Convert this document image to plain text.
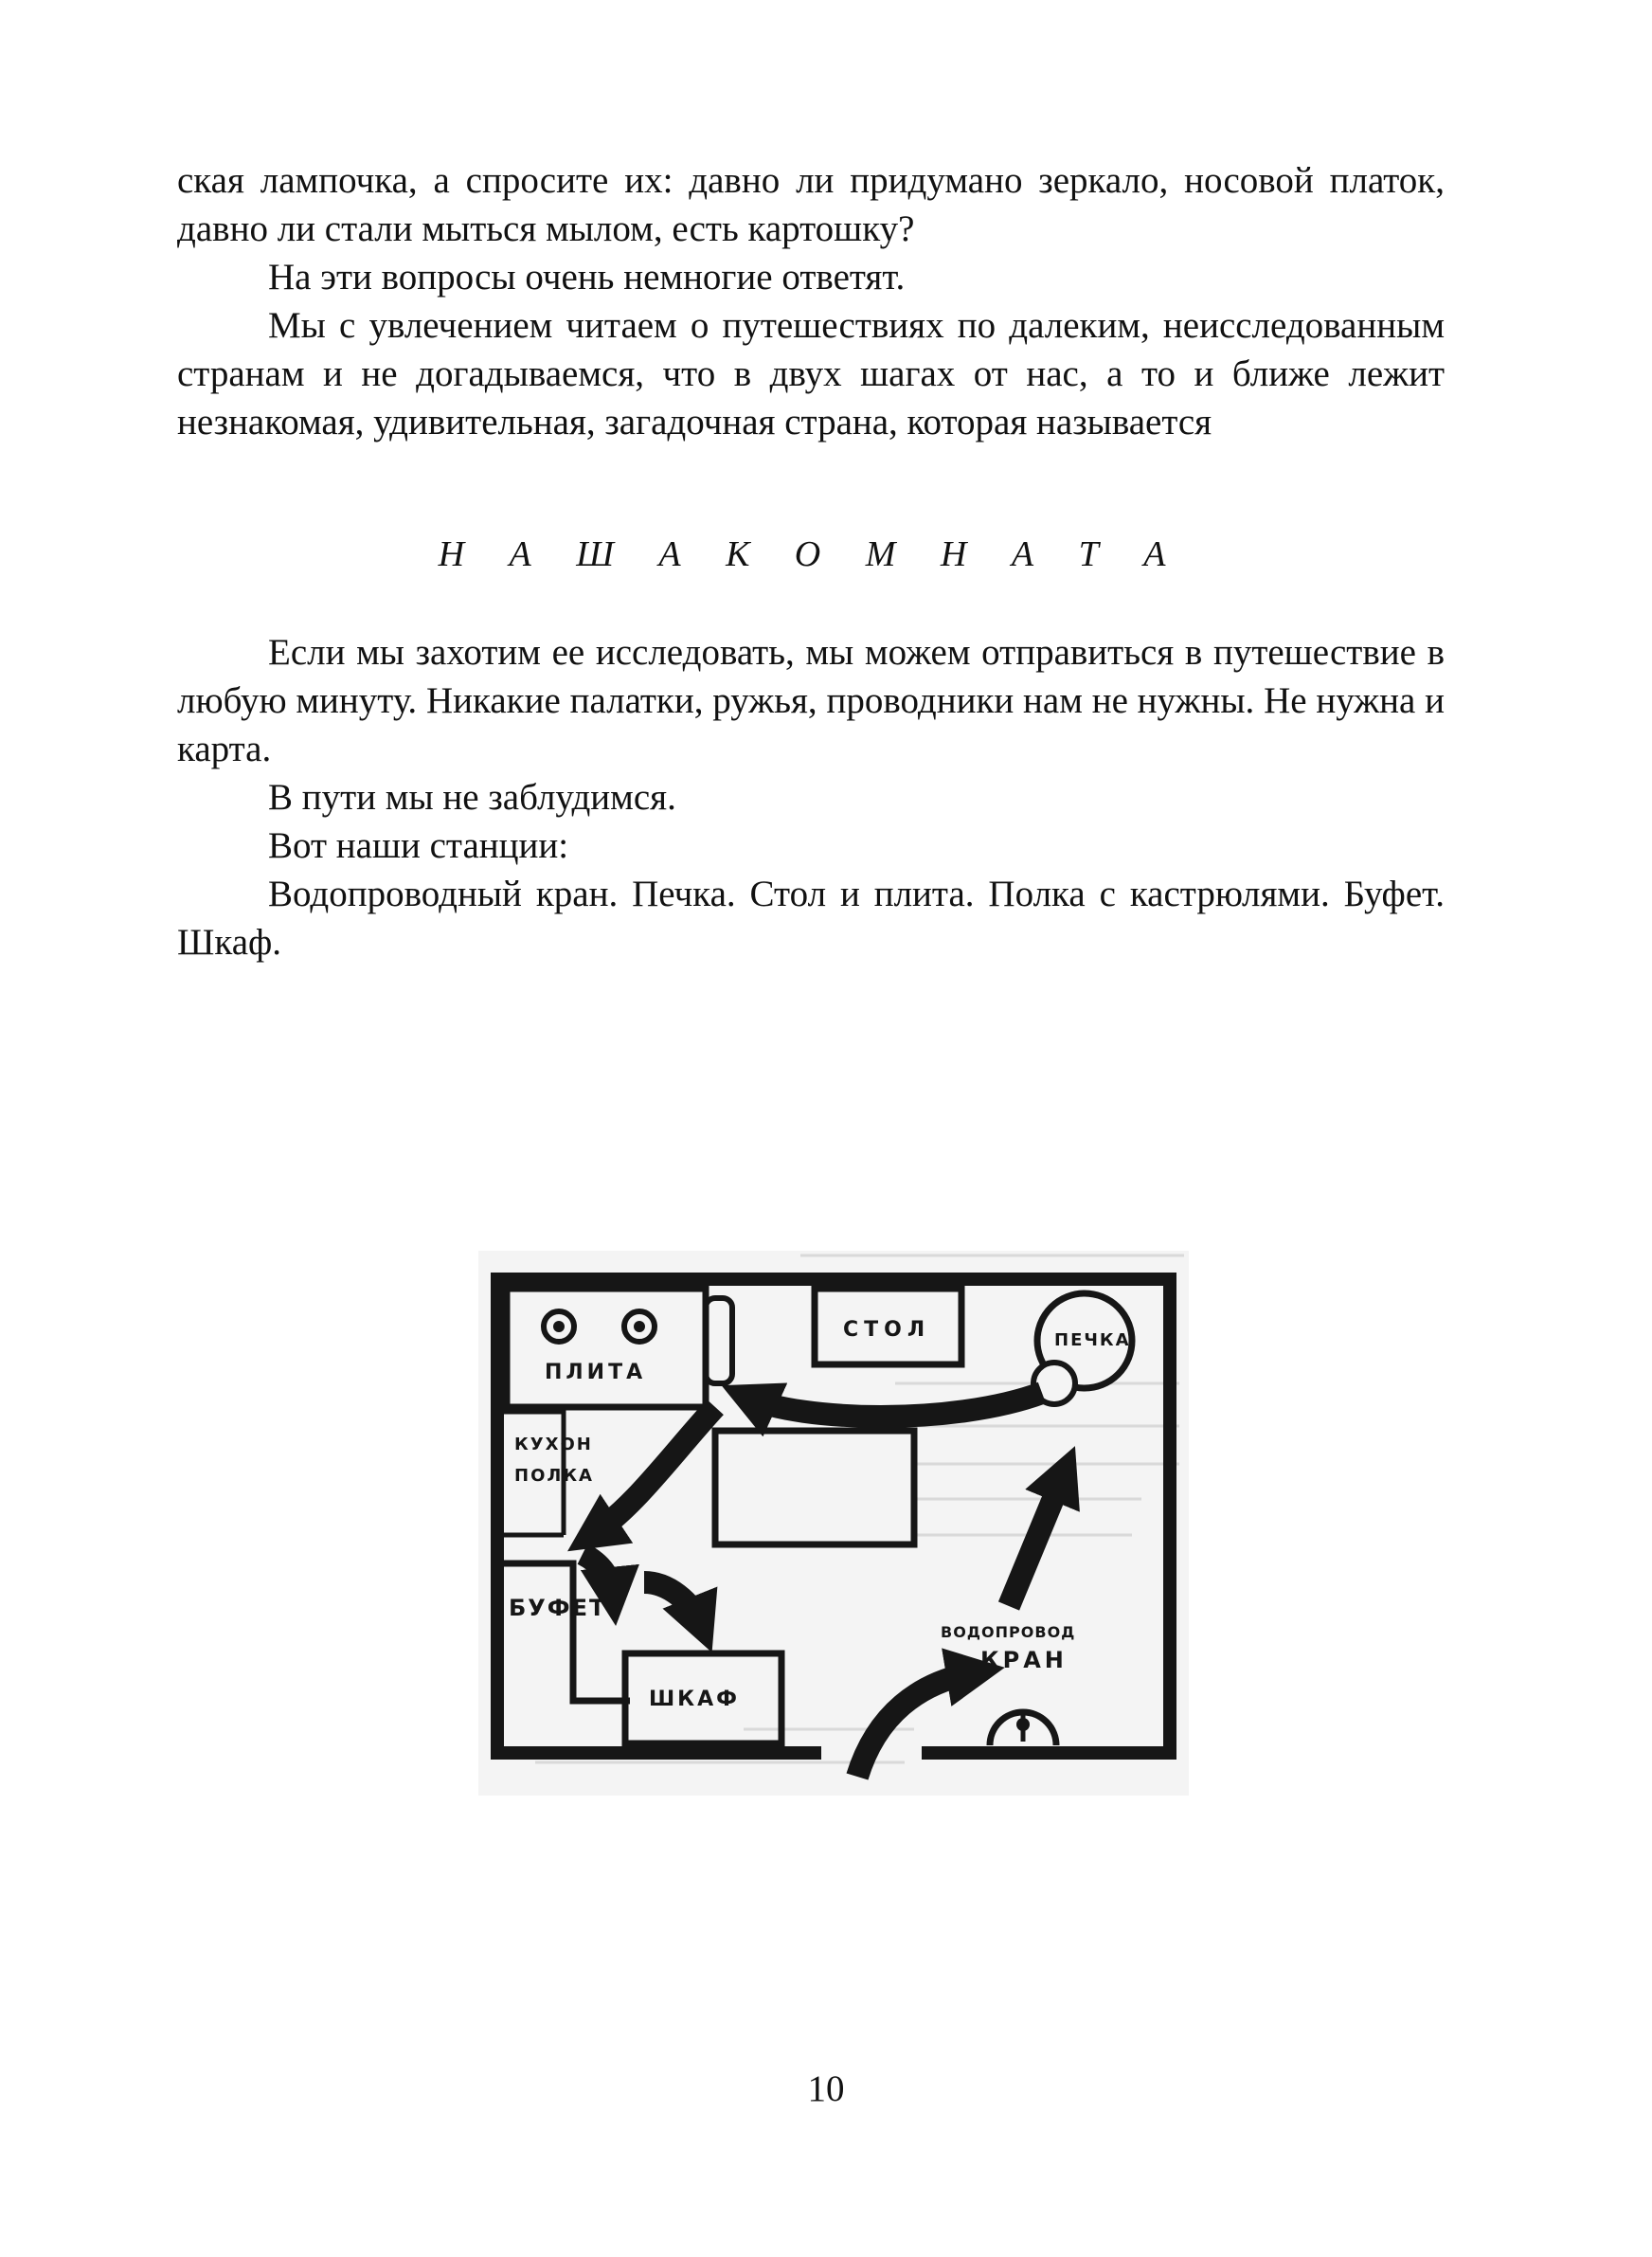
ская лампочка, а спросите их: давно ли придумано зеркало, носовой платок, давно ли стали мыться мылом, есть картошку?

На эти вопросы очень немногие ответят.

Мы с увлечением читаем о путешествиях по далеким, неисследованным странам и не догадываемся, что в двух шагах от нас, а то и ближе лежит незнакомая, удивительная, загадочная страна, которая называется

Н А Ш А К О М Н А Т А

Если мы захотим ее исследовать, мы можем отправиться в путешествие в любую минуту. Никакие палатки, ружья, проводники нам не нужны. Не нужна и карта.

В пути мы не заблудимся.

Вот наши станции:

Водопроводный кран. Печка. Стол и плита. Полка с кастрюлями. Буфет. Шкаф.

ПЛИТА
СТОЛ	ПЕЧКА
КУХОН
ПОЛКА
БУФЕТ
ШКАФ
ВОДОПРОВОД
КРАН
10
